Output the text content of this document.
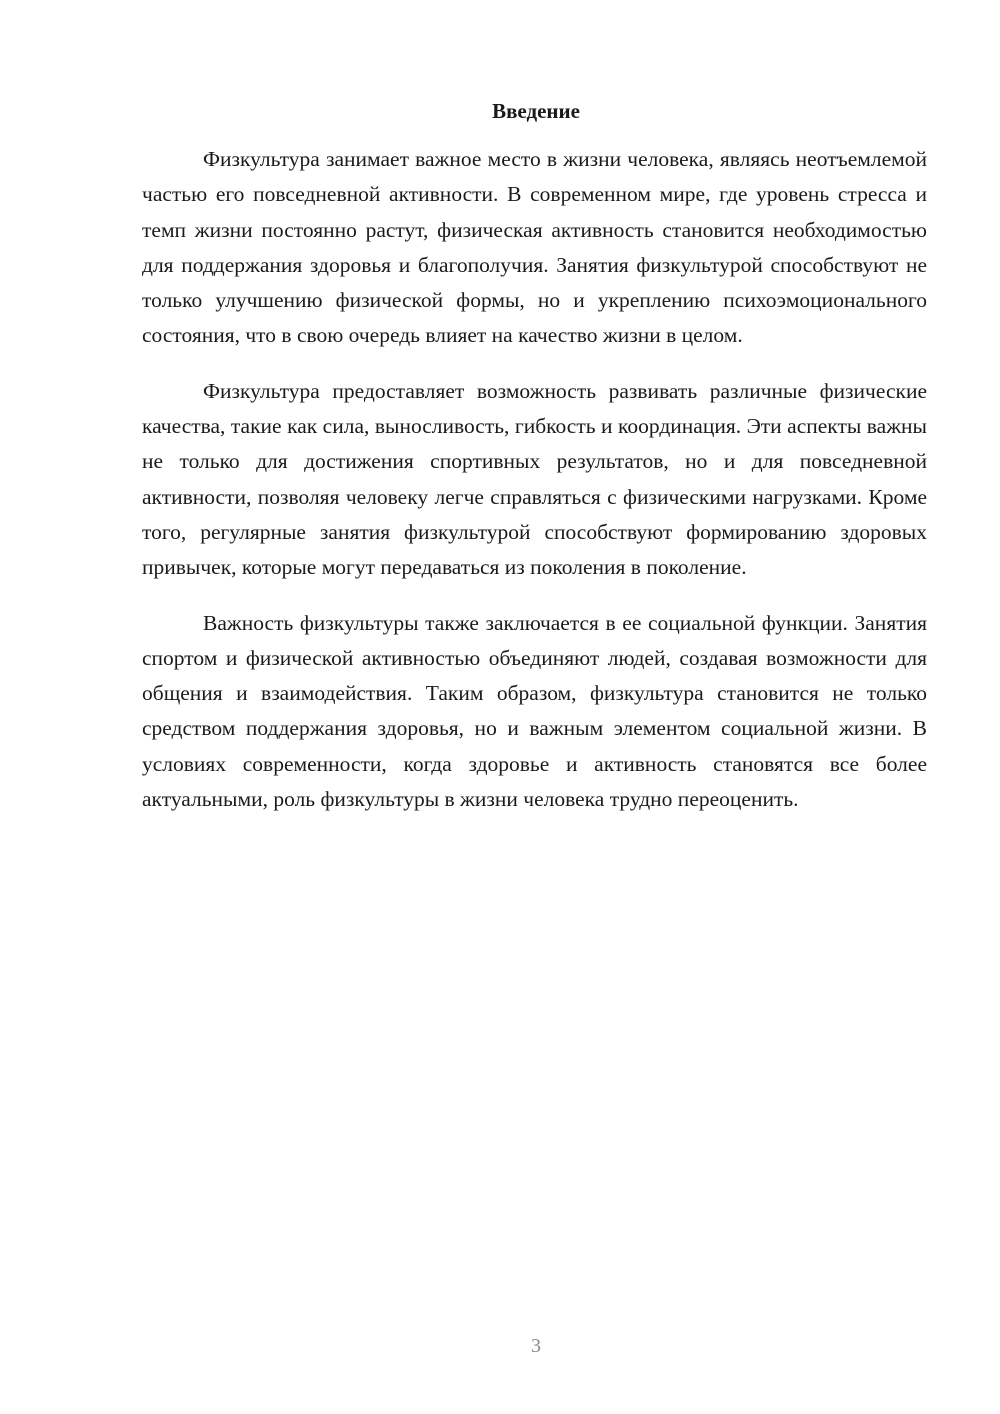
Введение

Физкультура занимает важное место в жизни человека, являясь неотъемлемой частью его повседневной активности. В современном мире, где уровень стресса и темп жизни постоянно растут, физическая активность становится необходимостью для поддержания здоровья и благополучия. Занятия физкультурой способствуют не только улучшению физической формы, но и укреплению психоэмоционального состояния, что в свою очередь влияет на качество жизни в целом.

Физкультура предоставляет возможность развивать различные физические качества, такие как сила, выносливость, гибкость и координация. Эти аспекты важны не только для достижения спортивных результатов, но и для повседневной активности, позволяя человеку легче справляться с физическими нагрузками. Кроме того, регулярные занятия физкультурой способствуют формированию здоровых привычек, которые могут передаваться из поколения в поколение.

Важность физкультуры также заключается в ее социальной функции. Занятия спортом и физической активностью объединяют людей, создавая возможности для общения и взаимодействия. Таким образом, физкультура становится не только средством поддержания здоровья, но и важным элементом социальной жизни. В условиях современности, когда здоровье и активность становятся все более актуальными, роль физкультуры в жизни человека трудно переоценить.

3
